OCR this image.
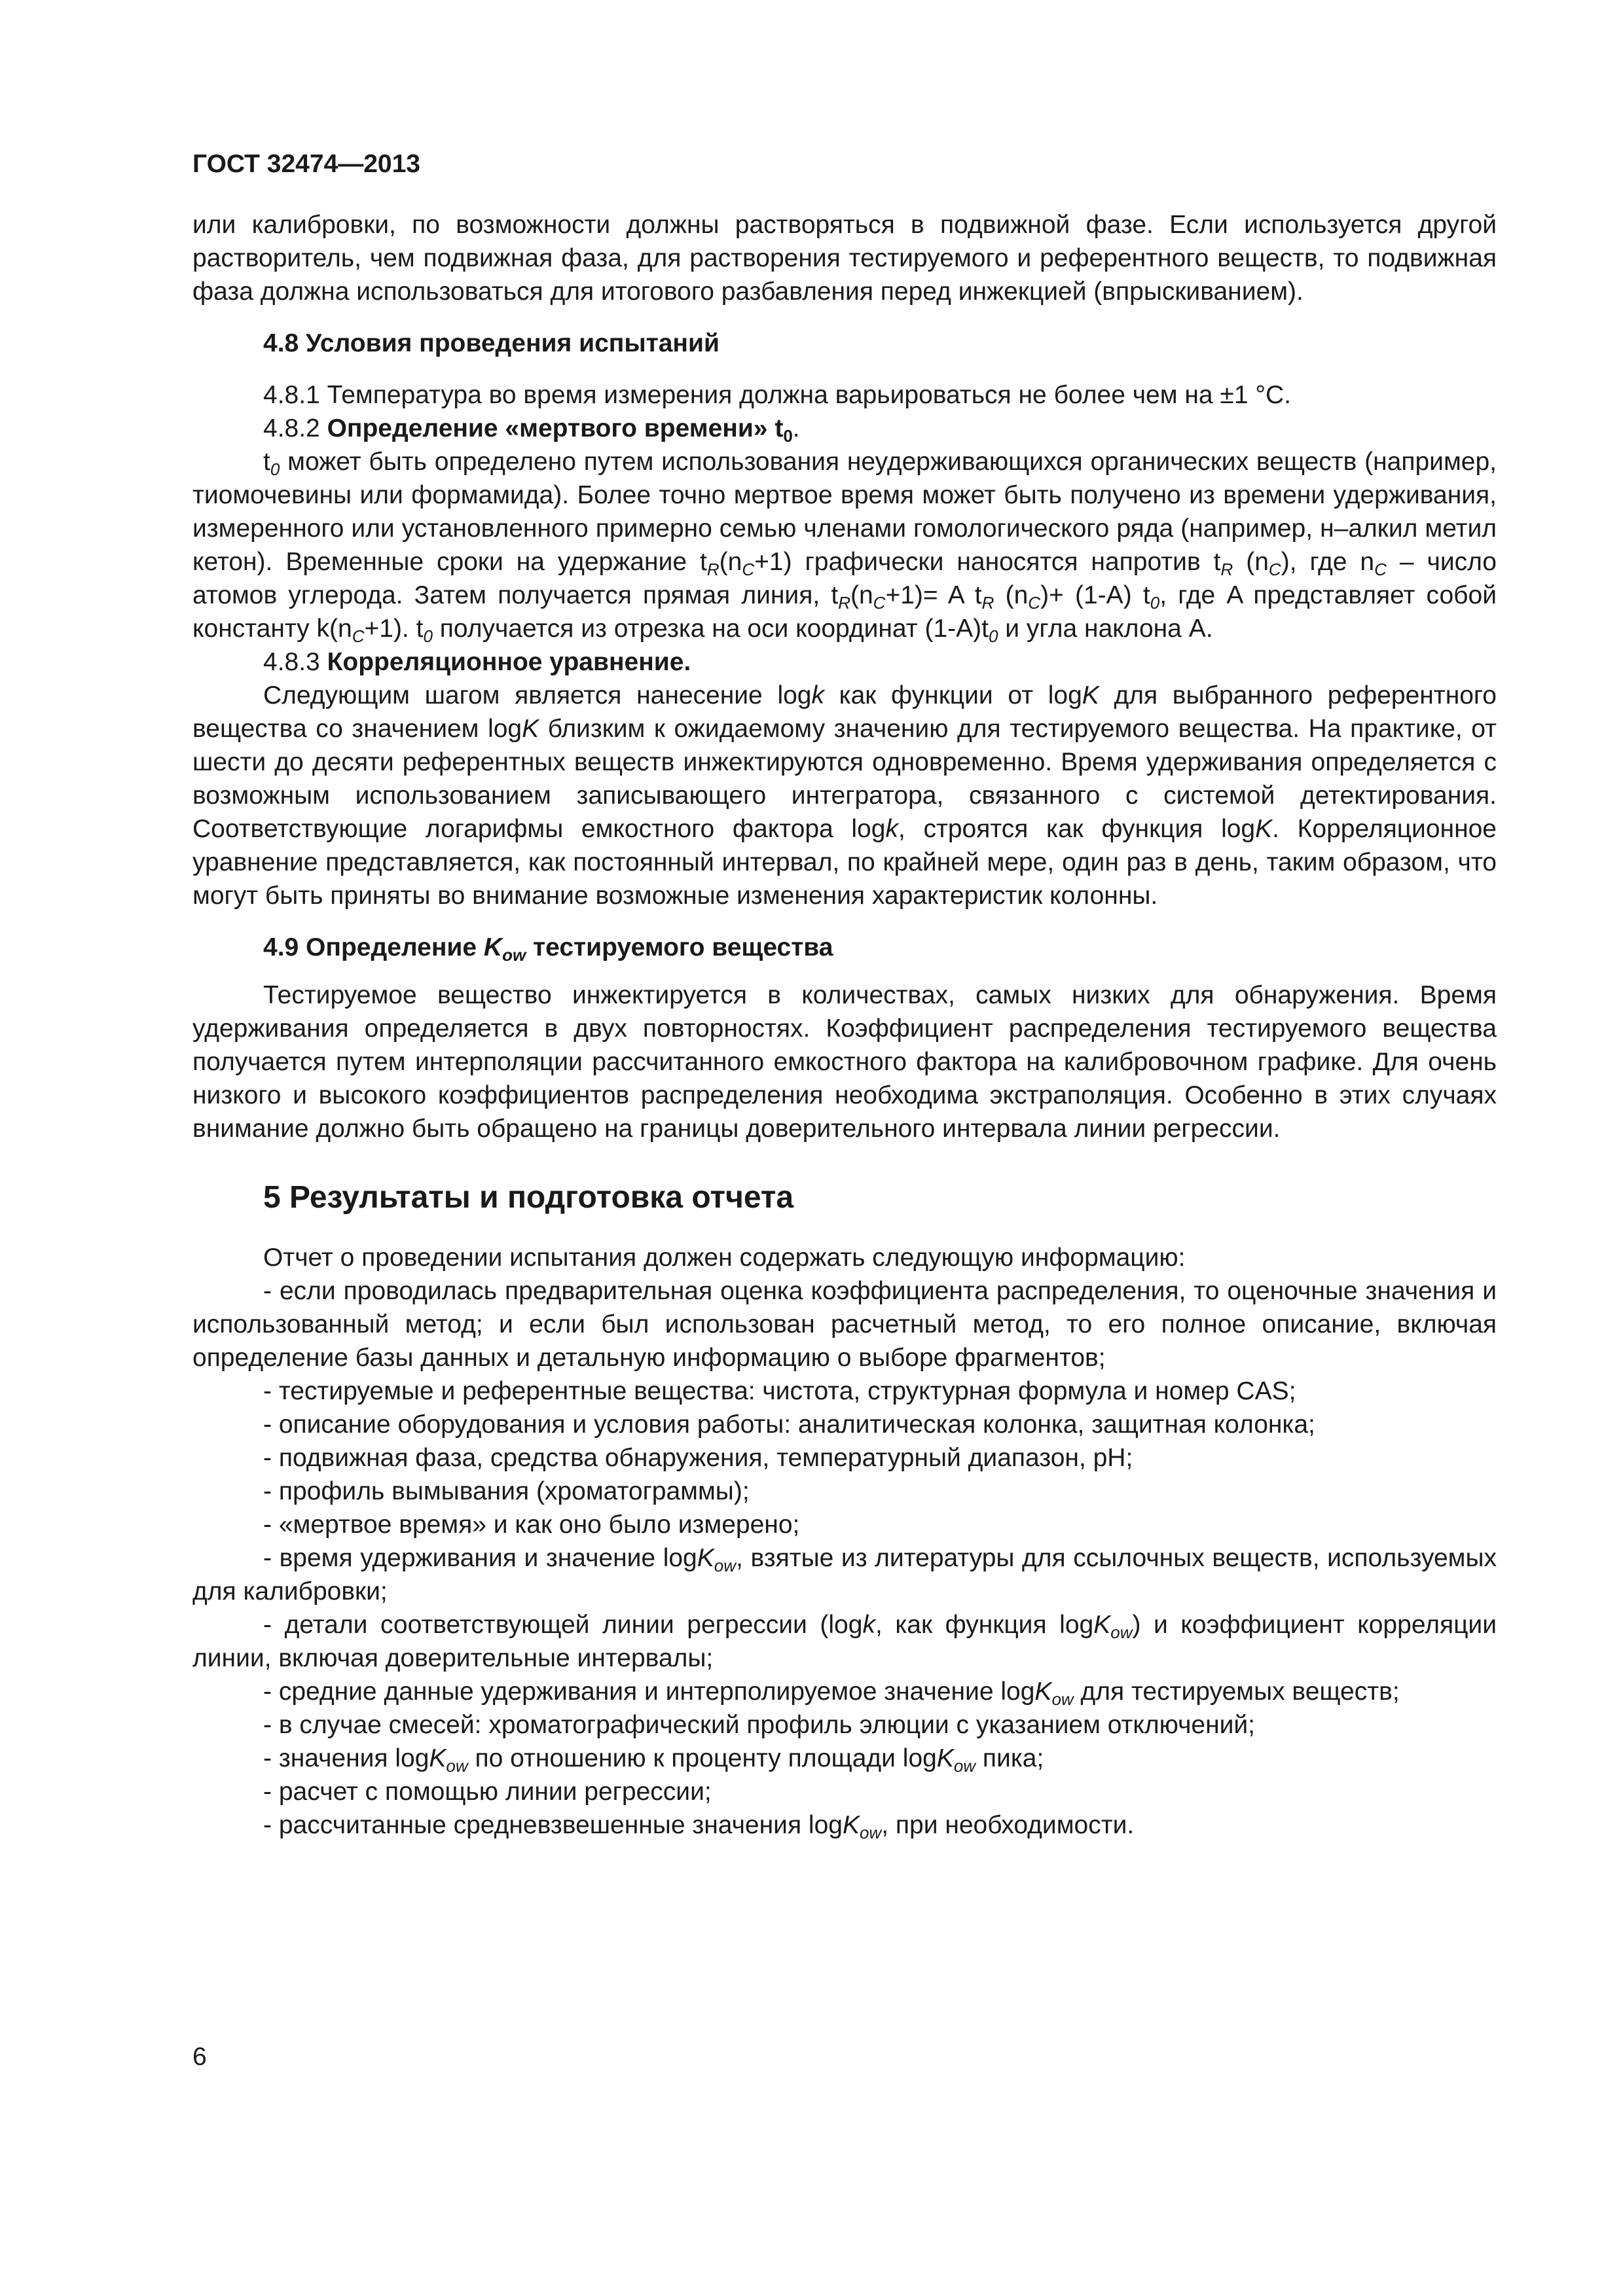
ГОСТ 32474—2013

или калибровки, по возможности должны растворяться в подвижной фазе. Если используется другой растворитель, чем подвижная фаза, для растворения тестируемого и референтного веществ, то подвижная фаза должна использоваться для итогового разбавления перед инжекцией (впрыскиванием).

4.8 Условия проведения испытаний

4.8.1 Температура во время измерения должна варьироваться не более чем на ±1 °С.

4.8.2 Определение «мертвого времени» $t_0$.

$t_0$ может быть определено путем использования неудерживающихся органических веществ (например, тиомочевины или формамида). Более точно мертвое время может быть получено из времени удерживания, измеренного или установленного примерно семью членами гомологического ряда (например, н–алкил метил кетон). Временные сроки на удержание $t_R(n_C+1)$ графически наносятся напротив $t_R$ $(n_C)$, где $n_C$ – число атомов углерода. Затем получается прямая линия, $t_R(n_C+1)= A$ $t_R$ $(n_C)+ (1-A)$ $t_0$, где A представляет собой константу $k(n_C+1)$. $t_0$ получается из отрезка на оси координат $(1-A)t_0$ и угла наклона A.

4.8.3 Корреляционное уравнение.

Следующим шагом является нанесение logk как функции от logK для выбранного референтного вещества со значением logK близким к ожидаемому значению для тестируемого вещества. На практике, от шести до десяти референтных веществ инжектируются одновременно. Время удерживания определяется с возможным использованием записывающего интегратора, связанного с системой детектирования. Соответствующие логарифмы емкостного фактора logk, строятся как функция logK. Корреляционное уравнение представляется, как постоянный интервал, по крайней мере, один раз в день, таким образом, что могут быть приняты во внимание возможные изменения характеристик колонны.

4.9 Определение $K_{ow}$ тестируемого вещества

Тестируемое вещество инжектируется в количествах, самых низких для обнаружения. Время удерживания определяется в двух повторностях. Коэффициент распределения тестируемого вещества получается путем интерполяции рассчитанного емкостного фактора на калибровочном графике. Для очень низкого и высокого коэффициентов распределения необходима экстраполяция. Особенно в этих случаях внимание должно быть обращено на границы доверительного интервала линии регрессии.

5 Результаты и подготовка отчета

Отчет о проведении испытания должен содержать следующую информацию:

- если проводилась предварительная оценка коэффициента распределения, то оценочные значения и использованный метод; и если был использован расчетный метод, то его полное описание, включая определение базы данных и детальную информацию о выборе фрагментов;

- тестируемые и референтные вещества: чистота, структурная формула и номер CAS;

- описание оборудования и условия работы: аналитическая колонка, защитная колонка;

- подвижная фаза, средства обнаружения, температурный диапазон, рН;

- профиль вымывания (хроматограммы);

- «мертвое время» и как оно было измерено;

- время удерживания и значение logK$_{ow}$, взятые из литературы для ссылочных веществ, используемых для калибровки;

- детали соответствующей линии регрессии (logk, как функция logK$_{ow}$) и коэффициент корреляции линии, включая доверительные интервалы;

- средние данные удерживания и интерполируемое значение logK$_{ow}$ для тестируемых веществ;

- в случае смесей: хроматографический профиль элюции с указанием отключений;

- значения logK$_{ow}$ по отношению к проценту площади logK$_{ow}$ пика;

- расчет с помощью линии регрессии;

- рассчитанные средневзвешенные значения logK$_{ow}$, при необходимости.

6
